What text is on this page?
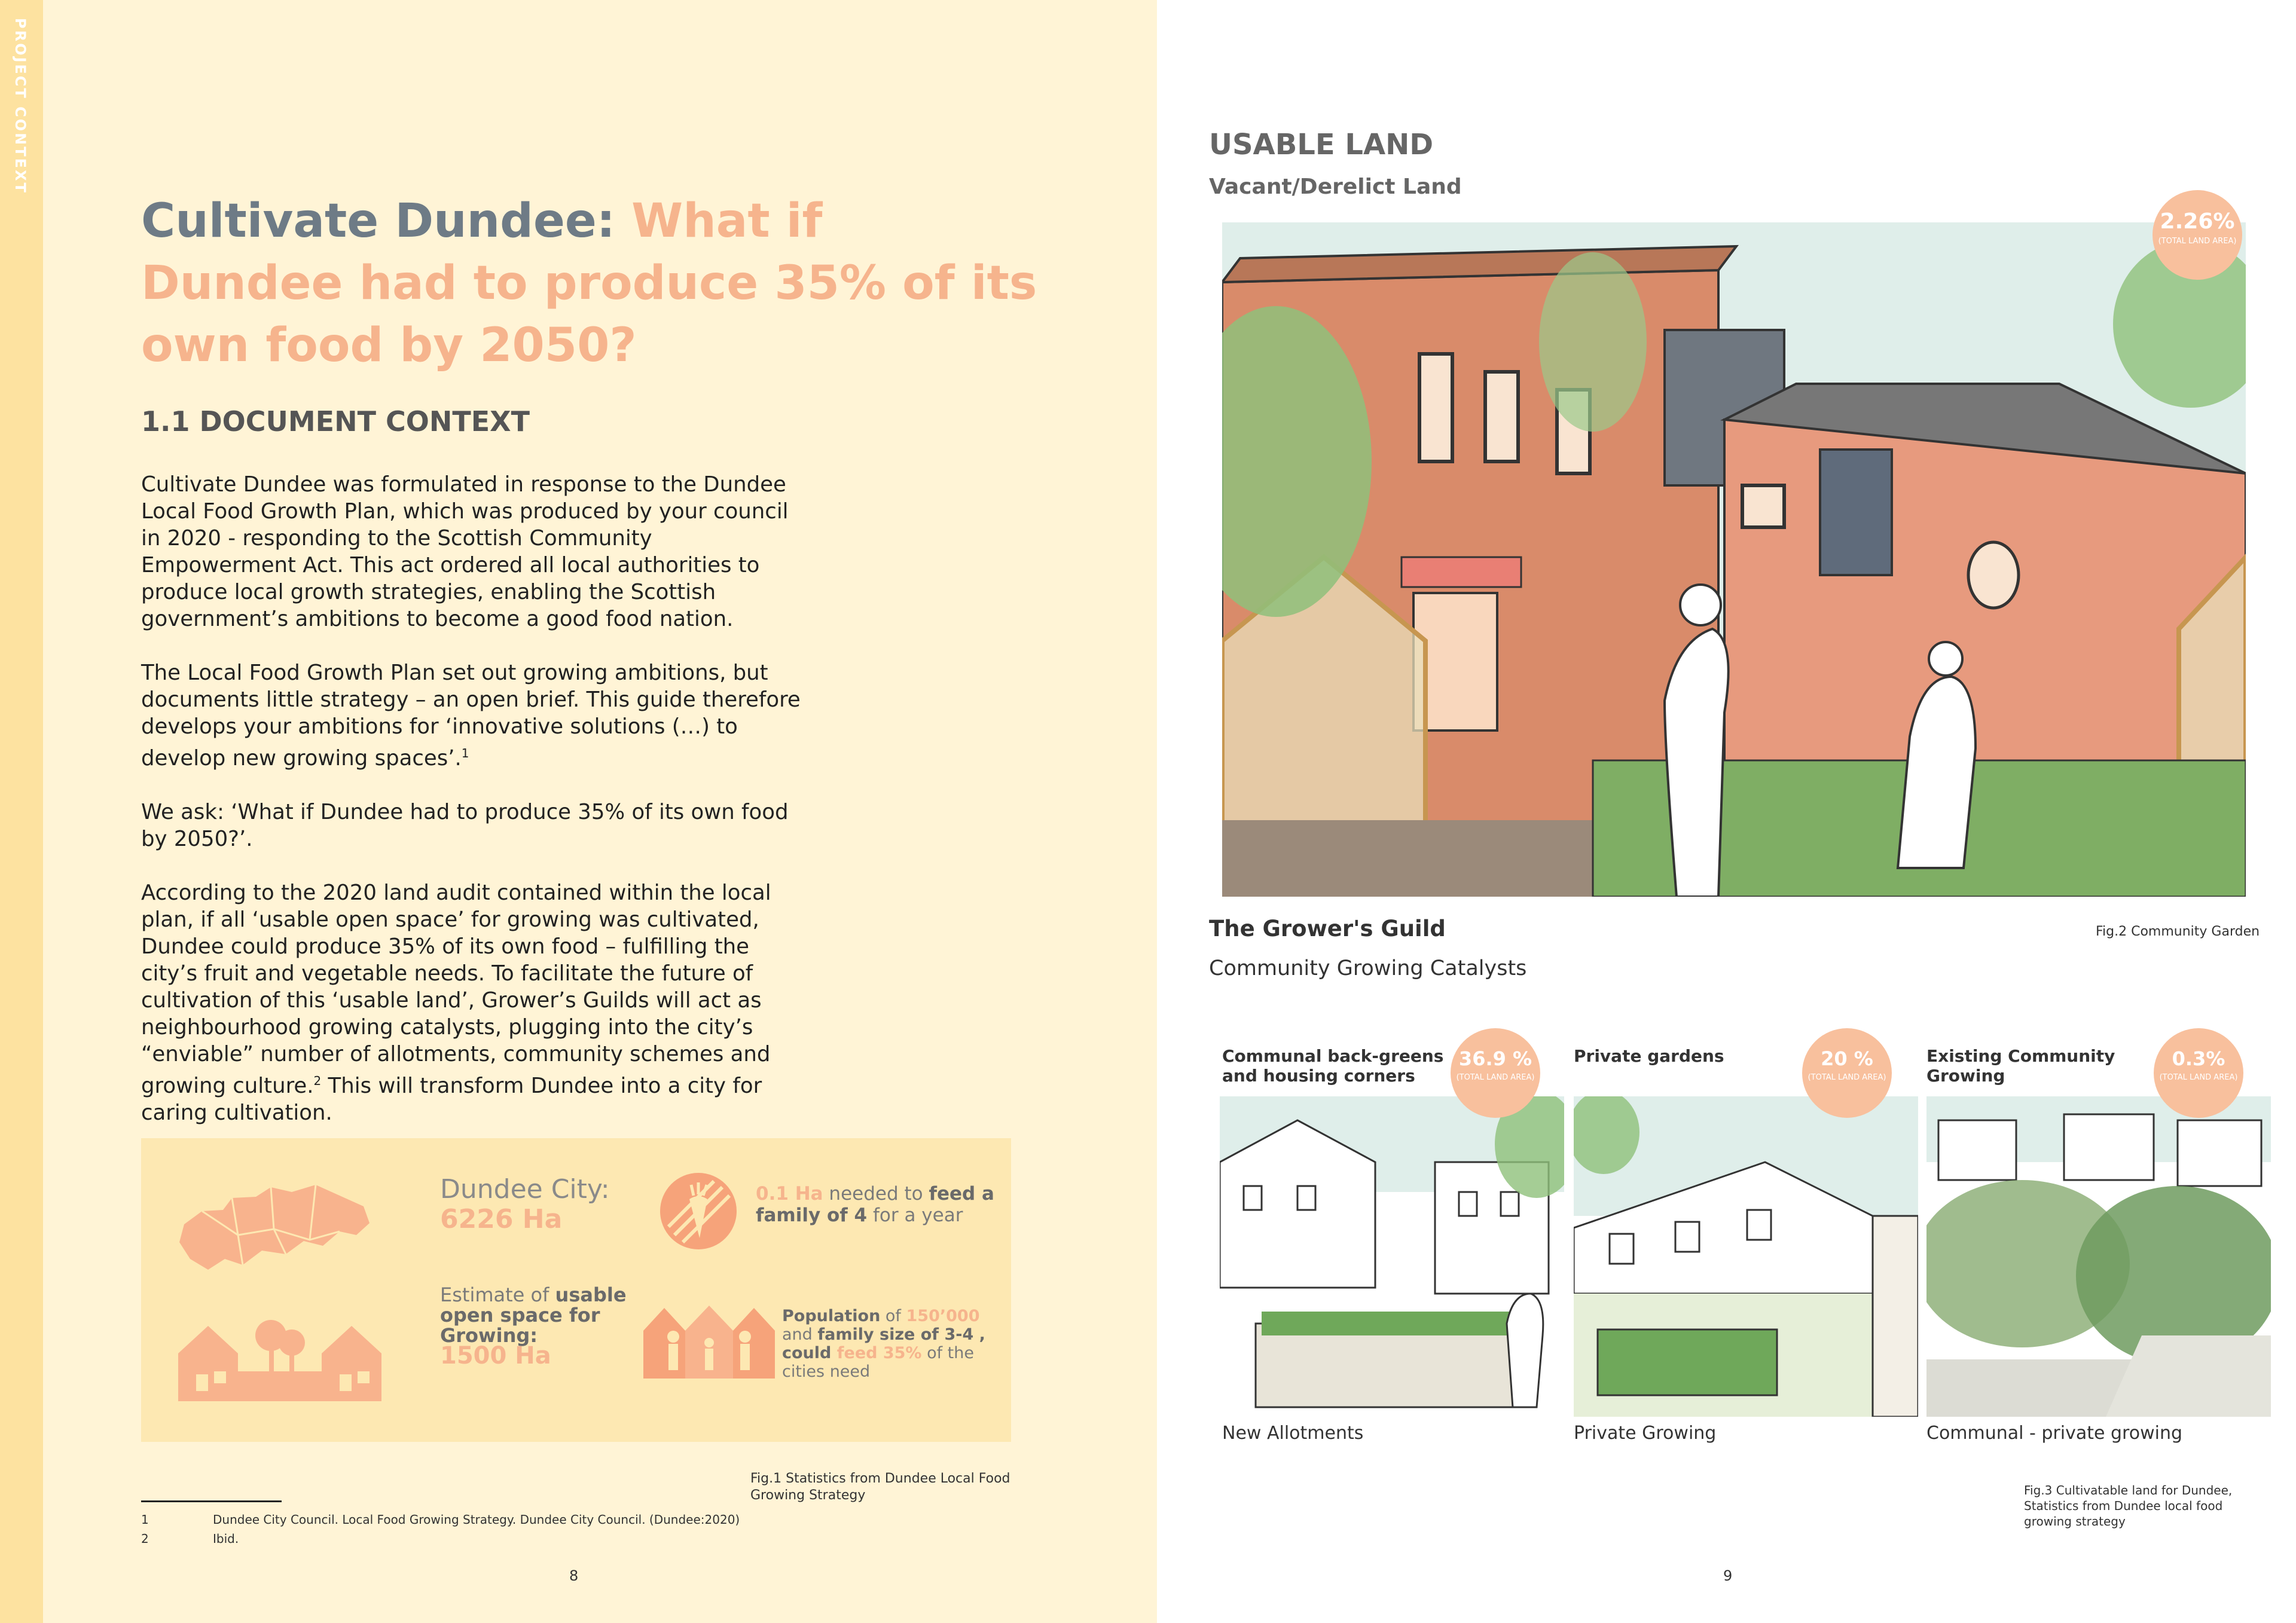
PROJECT CONTEXT
Cultivate Dundee: What if Dundee had to produce 35% of its own food by 2050?
1.1 DOCUMENT CONTEXT

Cultivate Dundee was formulated in response to the Dundee Local Food Growth Plan, which was produced by your council in 2020 - responding to the Scottish Community Empowerment Act. This act ordered all local authorities to produce local growth strategies, enabling the Scottish government’s ambitions to become a good food nation.

The Local Food Growth Plan set out growing ambitions, but documents little strategy – an open brief. This guide therefore develops your ambitions for ‘innovative solutions (…) to develop new growing spaces’.$^1$

We ask: ‘What if Dundee had to produce 35% of its own food by 2050?’.

According to the 2020 land audit contained within the local plan, if all ‘usable open space’ for growing was cultivated, Dundee could produce 35% of its own food – fulfilling the city’s fruit and vegetable needs. To facilitate the future of cultivation of this ‘usable land’, Grower’s Guilds will act as neighbourhood growing catalysts, plugging into the city’s “enviable” number of allotments, community schemes and growing culture.$^2$ This will transform Dundee into a city for caring cultivation.

Dundee City:
6226 Ha
0.1 Ha needed to feed a family of 4 for a year
Estimate of usable open space for Growing:
1500 Ha
Population of 150’000 and family size of 3-4 , could feed 35% of the cities need
Fig.1 Statistics from Dundee Local Food Growing Strategy
1	Dundee City Council. Local Food Growing Strategy. Dundee City Council. (Dundee:2020)
2	Ibid.
8
USABLE LAND
Vacant/Derelict Land
2.26%
(TOTAL LAND AREA)
Fig.2 Community Garden
The Grower's Guild
Community Growing Catalysts
Communal back-greens and housing corners
36.9 %
(TOTAL LAND AREA)
New Allotments
Private gardens	20 %
(TOTAL LAND AREA)
Private Growing
Existing Community Growing
0.3%
(TOTAL LAND AREA)
Communal - private growing
Fig.3 Cultivatable land for Dundee, Statistics from Dundee local food growing strategy
9
